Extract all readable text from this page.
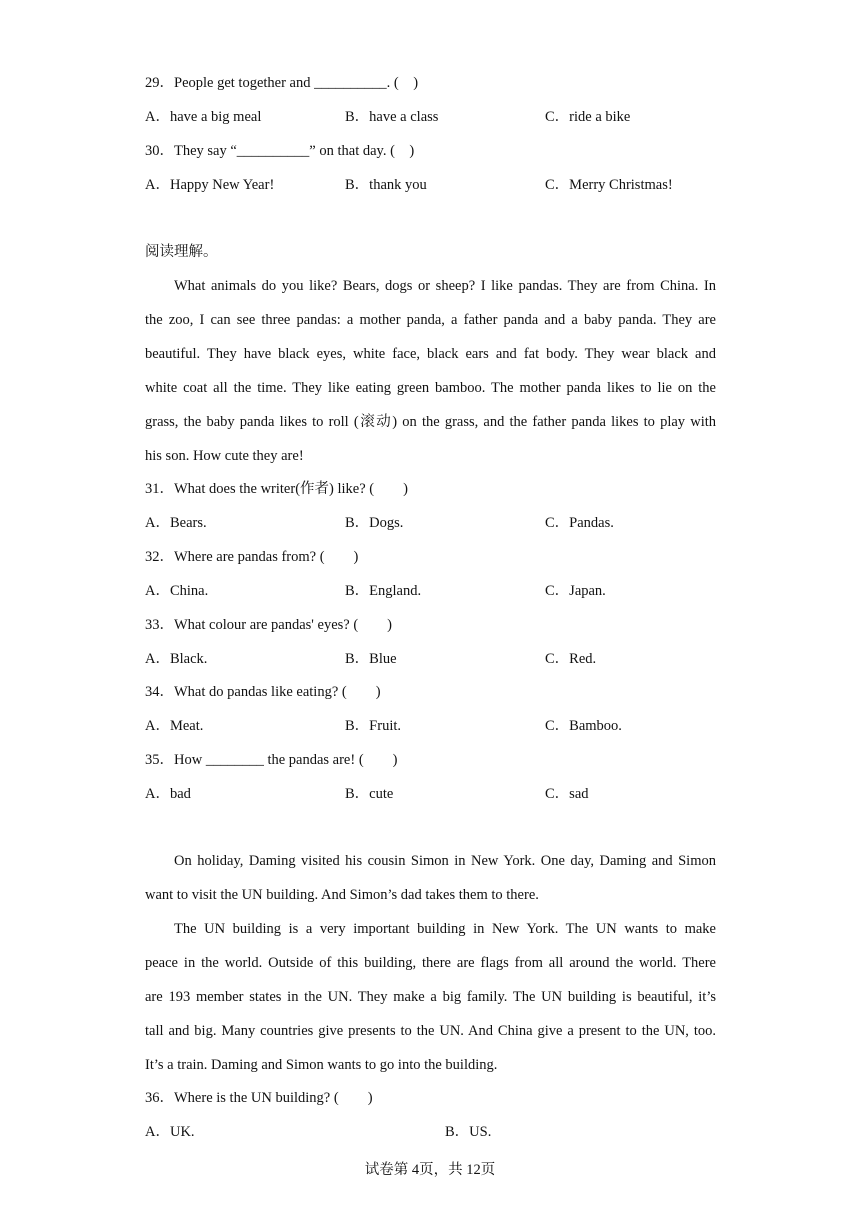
29．People get together and __________. (　)
A．have a big meal	B．have a class	C．ride a bike
30．They say “__________” on that day. (　)
A．Happy New Year!	B．thank you	C．Merry Christmas!
阅读理解。
What animals do you like? Bears, dogs or sheep? I like pandas. They are from China. In
the zoo, I can see three pandas: a mother panda, a father panda and a baby panda. They are
beautiful. They have black eyes, white face, black ears and fat body. They wear black and
white coat all the time. They like eating green bamboo. The mother panda likes to lie on the
grass, the baby panda likes to roll (滚动) on the grass, and the father panda likes to play with
his son. How cute they are!
31．What does the writer(作者) like? (　　)
A．Bears.	B．Dogs.	C．Pandas.
32．Where are pandas from? (　　)
A．China.	B．England.	C．Japan.
33．What colour are pandas' eyes? (　　)
A．Black.	B．Blue	C．Red.
34．What do pandas like eating? (　　)
A．Meat.	B．Fruit.	C．Bamboo.
35．How ________ the pandas are! (　　)
A．bad	B．cute	C．sad
On holiday, Daming visited his cousin Simon in New York. One day, Daming and Simon
want to visit the UN building. And Simon’s dad takes them to there.
The UN building is a very important building in New York. The UN wants to make
peace in the world. Outside of this building, there are flags from all around the world. There
are 193 member states in the UN. They make a big family. The UN building is beautiful, it’s
tall and big. Many countries give presents to the UN. And China give a present to the UN, too.
It’s a train. Daming and Simon wants to go into the building.
36．Where is the UN building? (　　)
A．UK.	B．US.
试卷第 4页，共 12页
